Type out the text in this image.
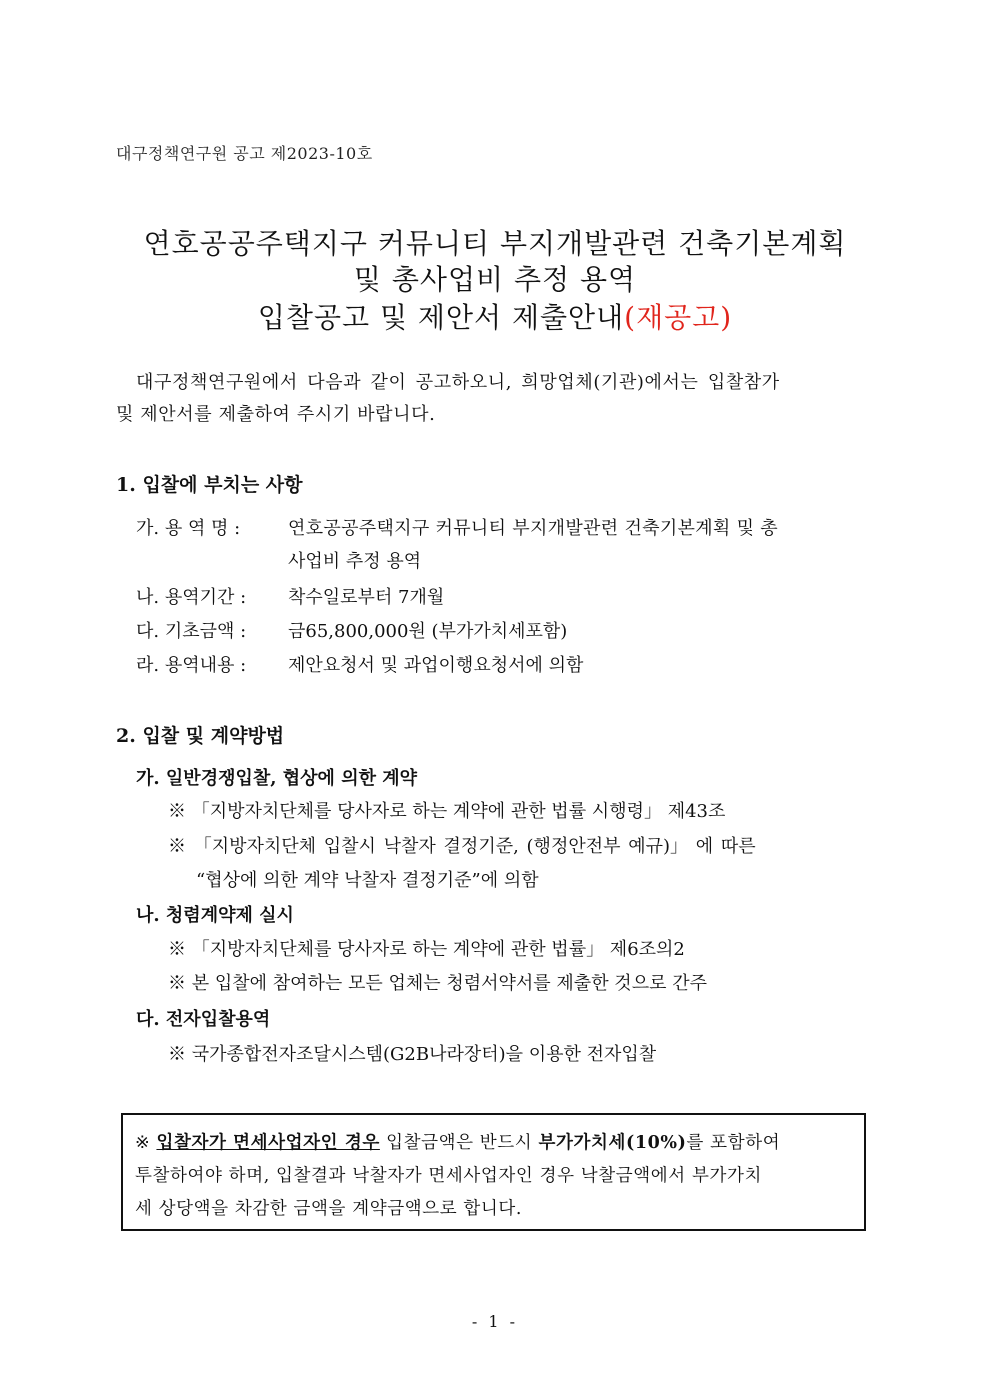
대구정책연구원 공고 제2023-10호
연호공공주택지구 커뮤니티 부지개발관련 건축기본계획
및 총사업비 추정 용역
입찰공고 및 제안서 제출안내(재공고)
대구정책연구원에서 다음과 같이 공고하오니, 희망업체(기관)에서는 입찰참가
및 제안서를 제출하여 주시기 바랍니다.
1. 입찰에 부치는 사항
가. 용 역 명 :	연호공공주택지구 커뮤니티 부지개발관련 건축기본계획 및 총
사업비 추정 용역
나. 용역기간 : 착수일로부터 7개월
다. 기초금액 : 금65,800,000원 (부가가치세포함)
라. 용역내용 : 제안요청서 및 과업이행요청서에 의함
2. 입찰 및 계약방법
가. 일반경쟁입찰, 협상에 의한 계약
※ 「지방자치단체를 당사자로 하는 계약에 관한 법률 시행령」 제43조
※ 「지방자치단체 입찰시 낙찰자 결정기준, (행정안전부 예규)」 에 따른
“협상에 의한 계약 낙찰자 결정기준”에 의함
나. 청렴계약제 실시
※ 「지방자치단체를 당사자로 하는 계약에 관한 법률」 제6조의2
※ 본 입찰에 참여하는 모든 업체는 청렴서약서를 제출한 것으로 간주
다. 전자입찰용역
※ 국가종합전자조달시스템(G2B나라장터)을 이용한 전자입찰
※ 입찰자가 면세사업자인 경우 입찰금액은 반드시 부가가치세(10%)를 포함하여
투찰하여야 하며, 입찰결과 낙찰자가 면세사업자인 경우 낙찰금액에서 부가가치
세 상당액을 차감한 금액을 계약금액으로 합니다.
- 1 -
